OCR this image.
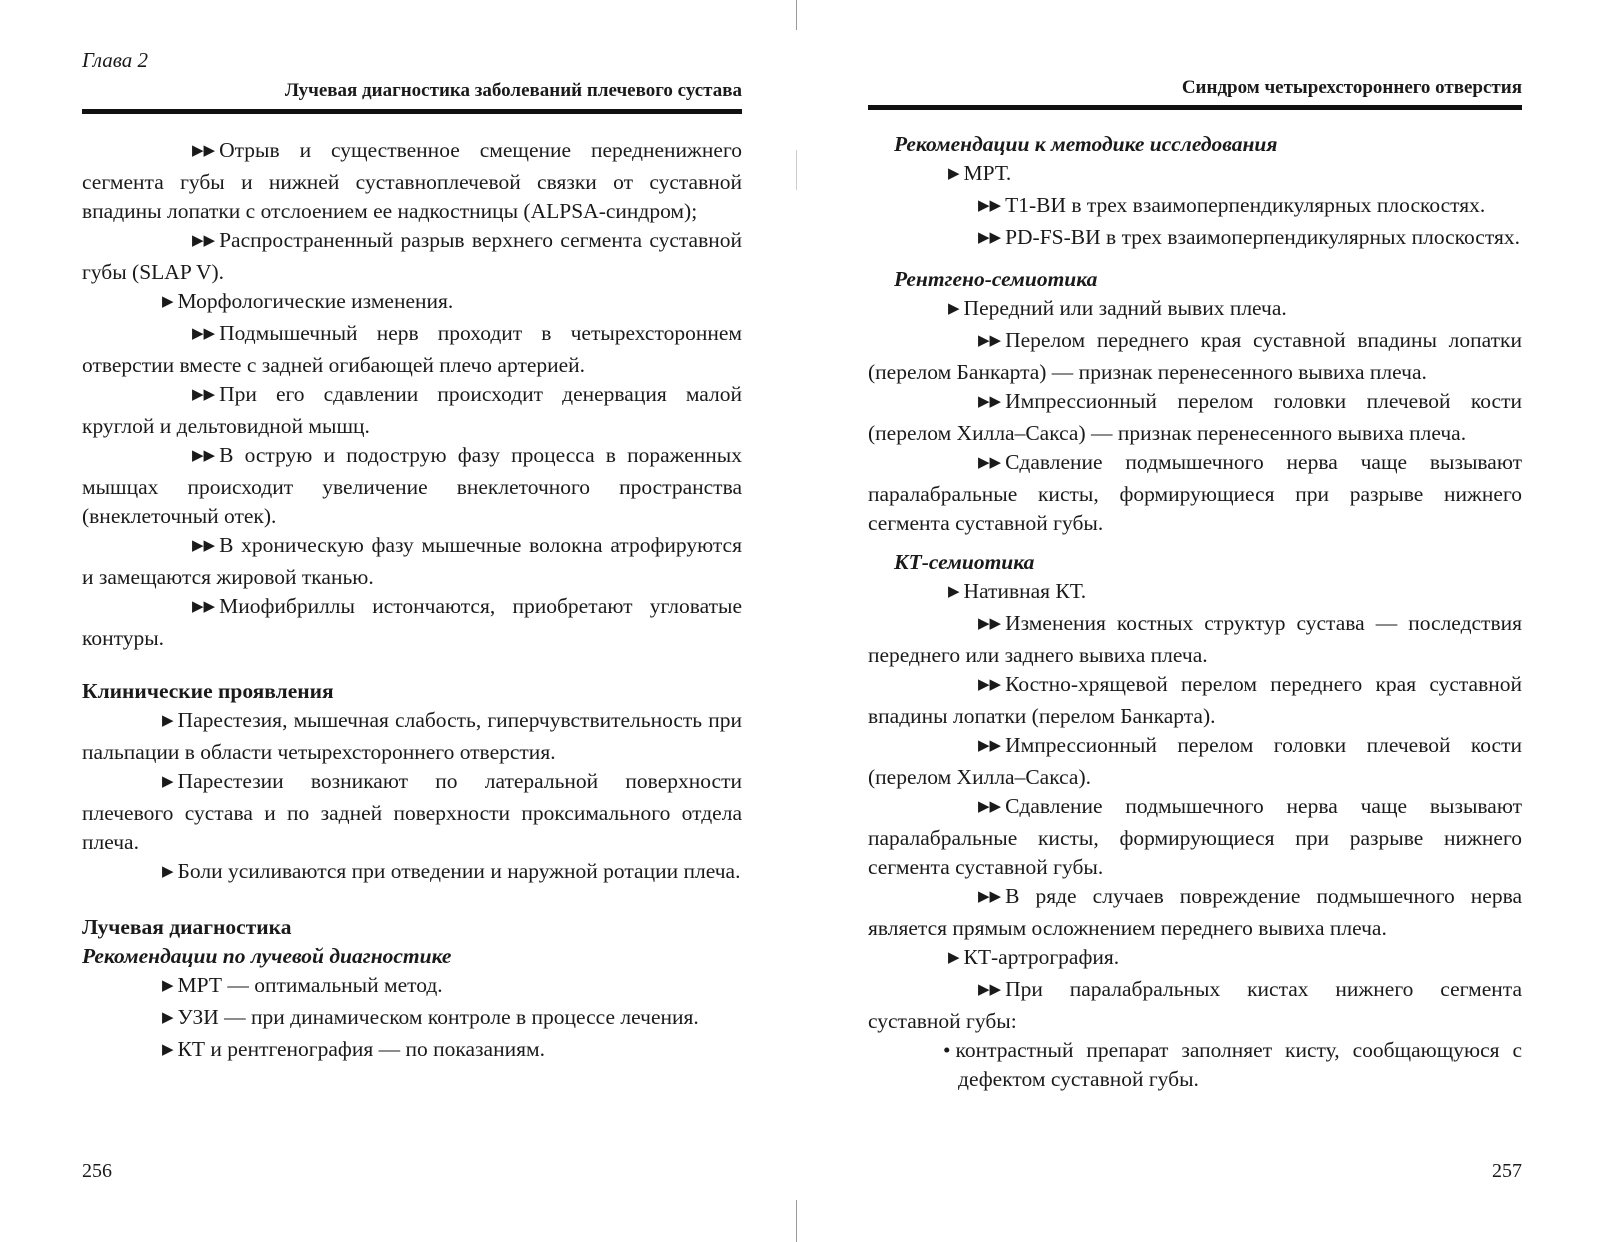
Глава 2
Лучевая диагностика заболеваний плечевого сустава

▶▶ Отрыв и существенное смещение передненижнего сегмента губы и нижней суставноплечевой связки от суставной впадины лопатки с отслоением ее надкостницы (ALPSA-синдром);

▶▶ Распространенный разрыв верхнего сегмента суставной губы (SLAP V).

▶ Морфологические изменения.

▶▶ Подмышечный нерв проходит в четырехстороннем отверстии вместе с задней огибающей плечо артерией.

▶▶ При его сдавлении происходит денервация малой круглой и дельтовидной мышц.

▶▶ В острую и подострую фазу процесса в пораженных мышцах происходит увеличение внеклеточного пространства (внеклеточный отек).

▶▶ В хроническую фазу мышечные волокна атрофируются и замещаются жировой тканью.

▶▶ Миофибриллы истончаются, приобретают угловатые контуры.

Клинические проявления

▶ Парестезия, мышечная слабость, гиперчувствительность при пальпации в области четырехстороннего отверстия.

▶ Парестезии возникают по латеральной поверхности плечевого сустава и по задней поверхности проксимального отдела плеча.

▶ Боли усиливаются при отведении и наружной ротации плеча.

Лучевая диагностика

Рекомендации по лучевой диагностике

▶ МРТ — оптимальный метод.

▶ УЗИ — при динамическом контроле в процессе лечения.

▶ КТ и рентгенография — по показаниям.

256
Синдром четырехстороннего отверстия

Рекомендации к методике исследования

▶ МРТ.

▶▶ T1-ВИ в трех взаимоперпендикулярных плоскостях.

▶▶ PD-FS-ВИ в трех взаимоперпендикулярных плоскостях.

Рентгено-семиотика

▶ Передний или задний вывих плеча.

▶▶ Перелом переднего края суставной впадины лопатки (перелом Банкарта) — признак перенесенного вывиха плеча.

▶▶ Импрессионный перелом головки плечевой кости (перелом Хилла–Сакса) — признак перенесенного вывиха плеча.

▶▶ Сдавление подмышечного нерва чаще вызывают паралабральные кисты, формирующиеся при разрыве нижнего сегмента суставной губы.

КТ-семиотика

▶ Нативная КТ.

▶▶ Изменения костных структур сустава — последствия переднего или заднего вывиха плеча.

▶▶ Костно-хрящевой перелом переднего края суставной впадины лопатки (перелом Банкарта).

▶▶ Импрессионный перелом головки плечевой кости (перелом Хилла–Сакса).

▶▶ Сдавление подмышечного нерва чаще вызывают паралабральные кисты, формирующиеся при разрыве нижнего сегмента суставной губы.

▶▶ В ряде случаев повреждение подмышечного нерва является прямым осложнением переднего вывиха плеча.

▶ КТ-артрография.

▶▶ При паралабральных кистах нижнего сегмента суставной губы:

• контрастный препарат заполняет кисту, сообщающуюся с дефектом суставной губы.

257
